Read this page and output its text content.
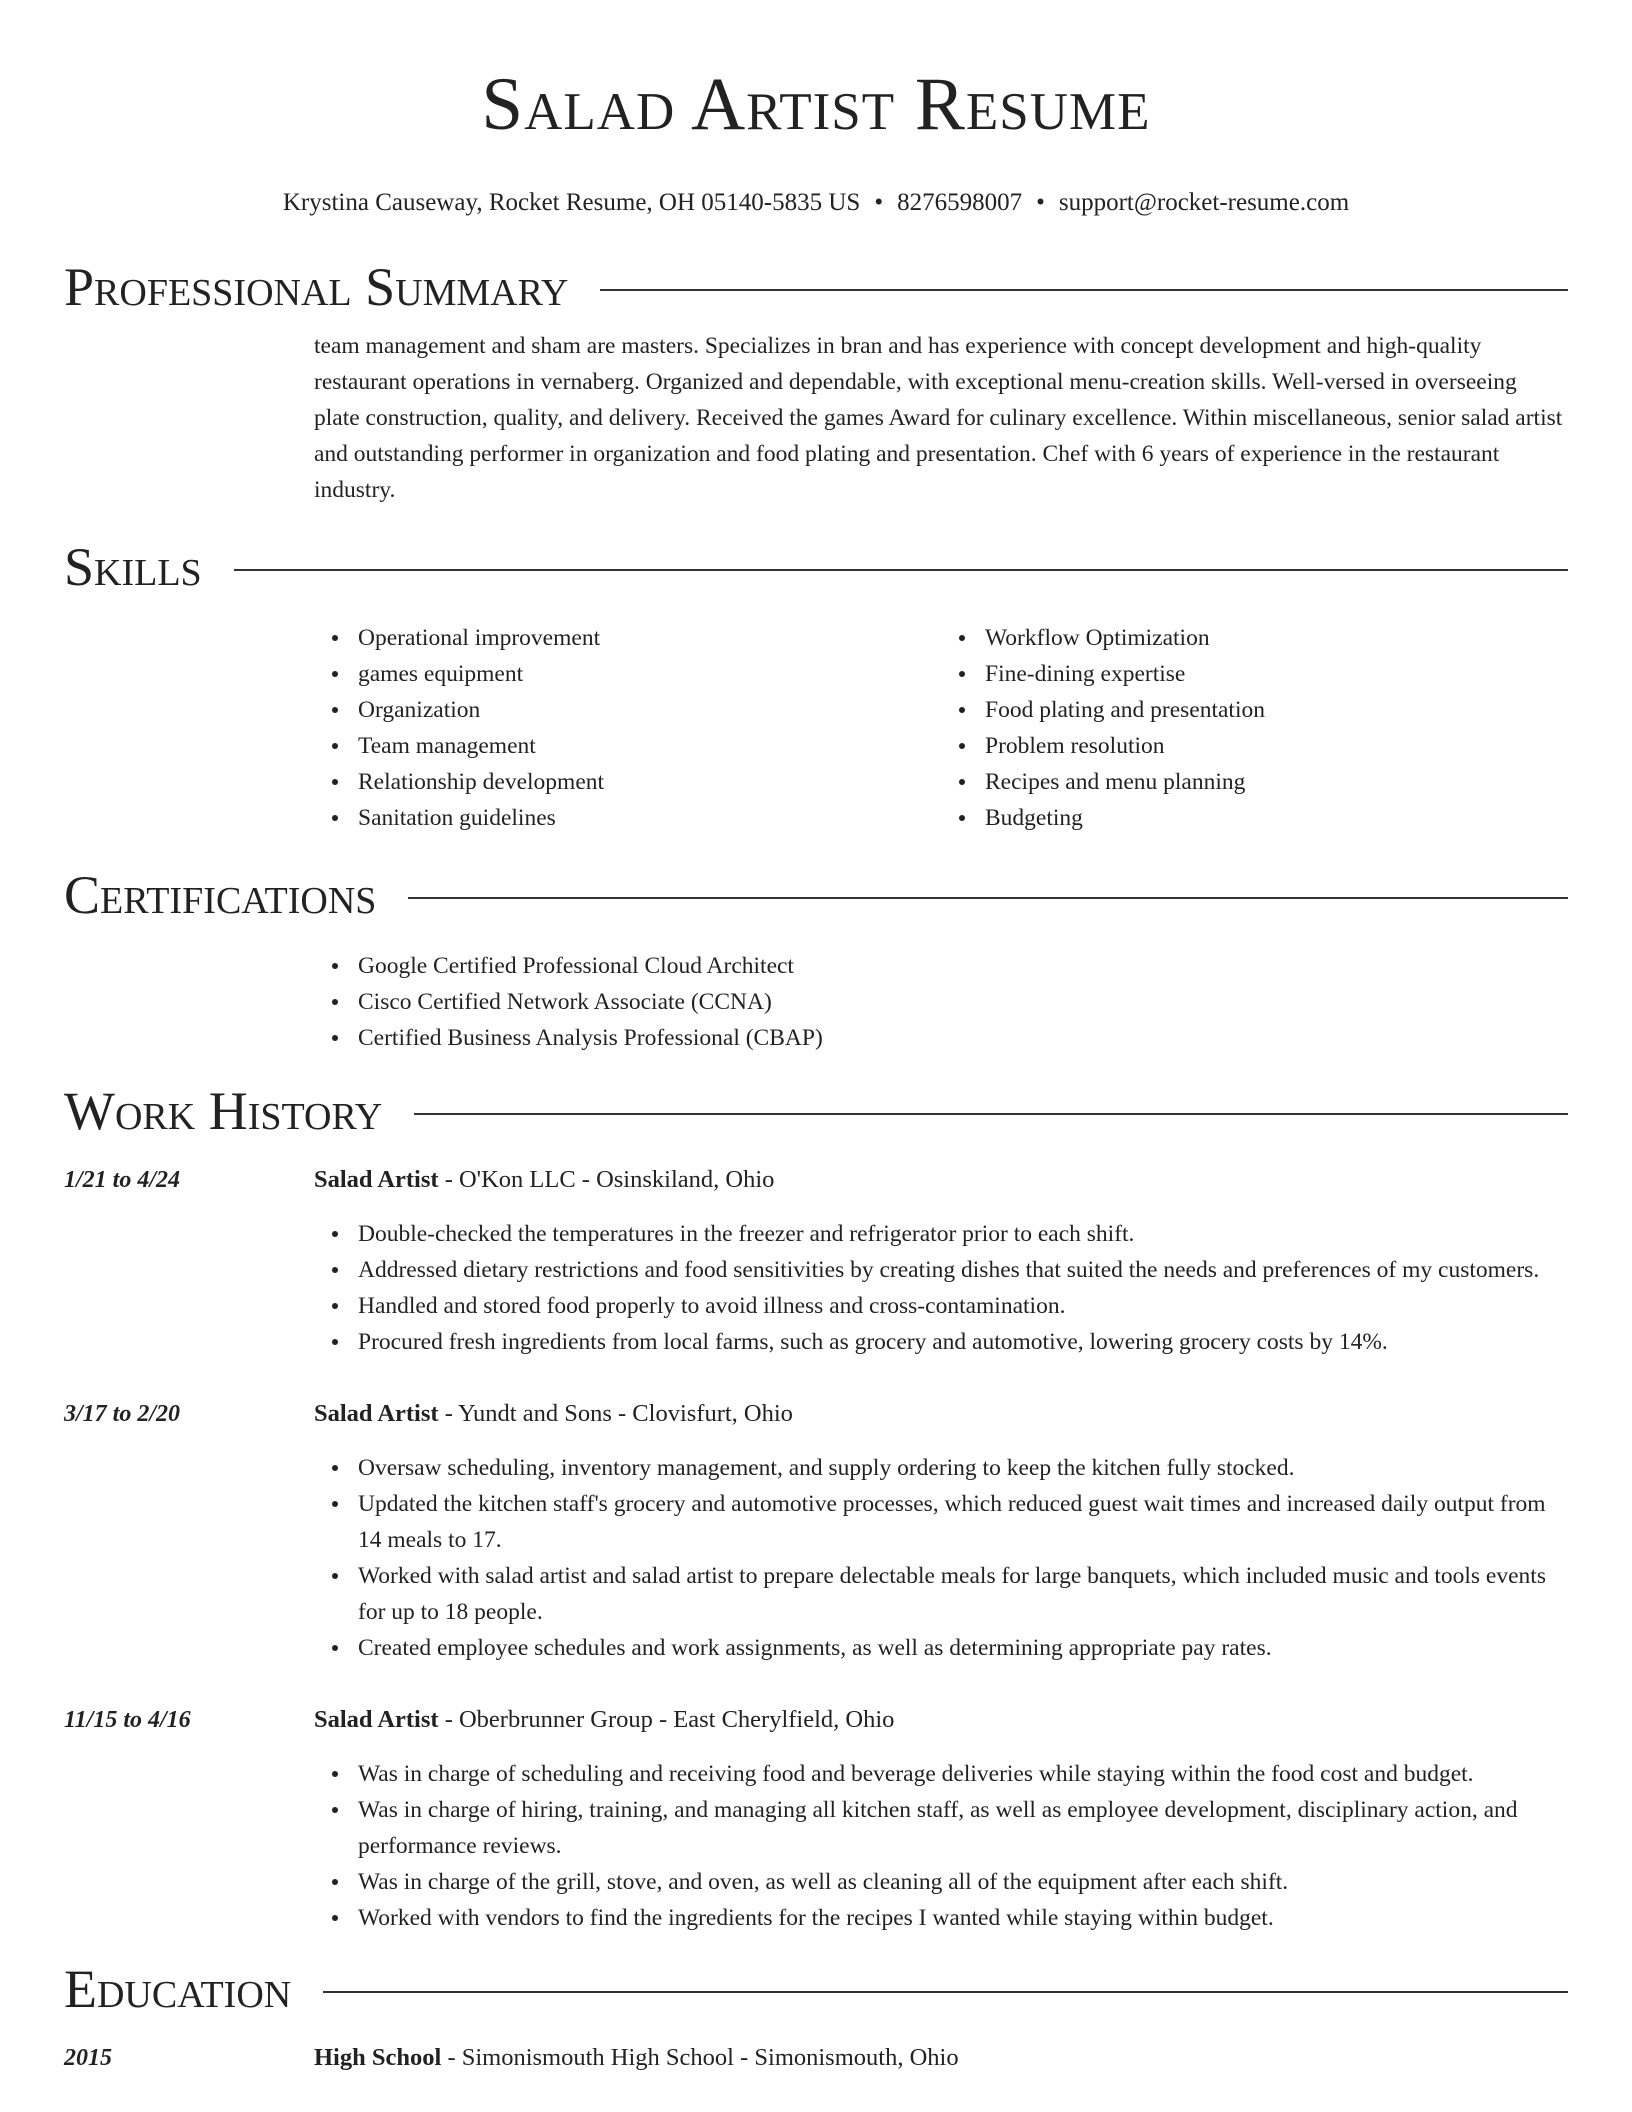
Salad Artist Resume
Krystina Causeway, Rocket Resume, OH 05140-5835 US • 8276598007 • support@rocket-resume.com
Professional Summary

team management and sham are masters. Specializes in bran and has experience with concept development and high-quality restaurant operations in vernaberg. Organized and dependable, with exceptional menu-creation skills. Well-versed in overseeing plate construction, quality, and delivery. Received the games Award for culinary excellence. Within miscellaneous, senior salad artist and outstanding performer in organization and food plating and presentation. Chef with 6 years of experience in the restaurant industry.

Skills
Operational improvement
games equipment
Organization
Team management
Relationship development
Sanitation guidelines
Workflow Optimization
Fine-dining expertise
Food plating and presentation
Problem resolution
Recipes and menu planning
Budgeting
Certifications
Google Certified Professional Cloud Architect
Cisco Certified Network Associate (CCNA)
Certified Business Analysis Professional (CBAP)
Work History
1/21 to 4/24	Salad Artist - O'Kon LLC - Osinskiland, Ohio
Double-checked the temperatures in the freezer and refrigerator prior to each shift.
Addressed dietary restrictions and food sensitivities by creating dishes that suited the needs and preferences of my customers.
Handled and stored food properly to avoid illness and cross-contamination.
Procured fresh ingredients from local farms, such as grocery and automotive, lowering grocery costs by 14%.
3/17 to 2/20	Salad Artist - Yundt and Sons - Clovisfurt, Ohio
Oversaw scheduling, inventory management, and supply ordering to keep the kitchen fully stocked.
Updated the kitchen staff's grocery and automotive processes, which reduced guest wait times and increased daily output from 14 meals to 17.
Worked with salad artist and salad artist to prepare delectable meals for large banquets, which included music and tools events for up to 18 people.
Created employee schedules and work assignments, as well as determining appropriate pay rates.
11/15 to 4/16	Salad Artist - Oberbrunner Group - East Cherylfield, Ohio
Was in charge of scheduling and receiving food and beverage deliveries while staying within the food cost and budget.
Was in charge of hiring, training, and managing all kitchen staff, as well as employee development, disciplinary action, and performance reviews.
Was in charge of the grill, stove, and oven, as well as cleaning all of the equipment after each shift.
Worked with vendors to find the ingredients for the recipes I wanted while staying within budget.
Education
2015	High School - Simonismouth High School - Simonismouth, Ohio
